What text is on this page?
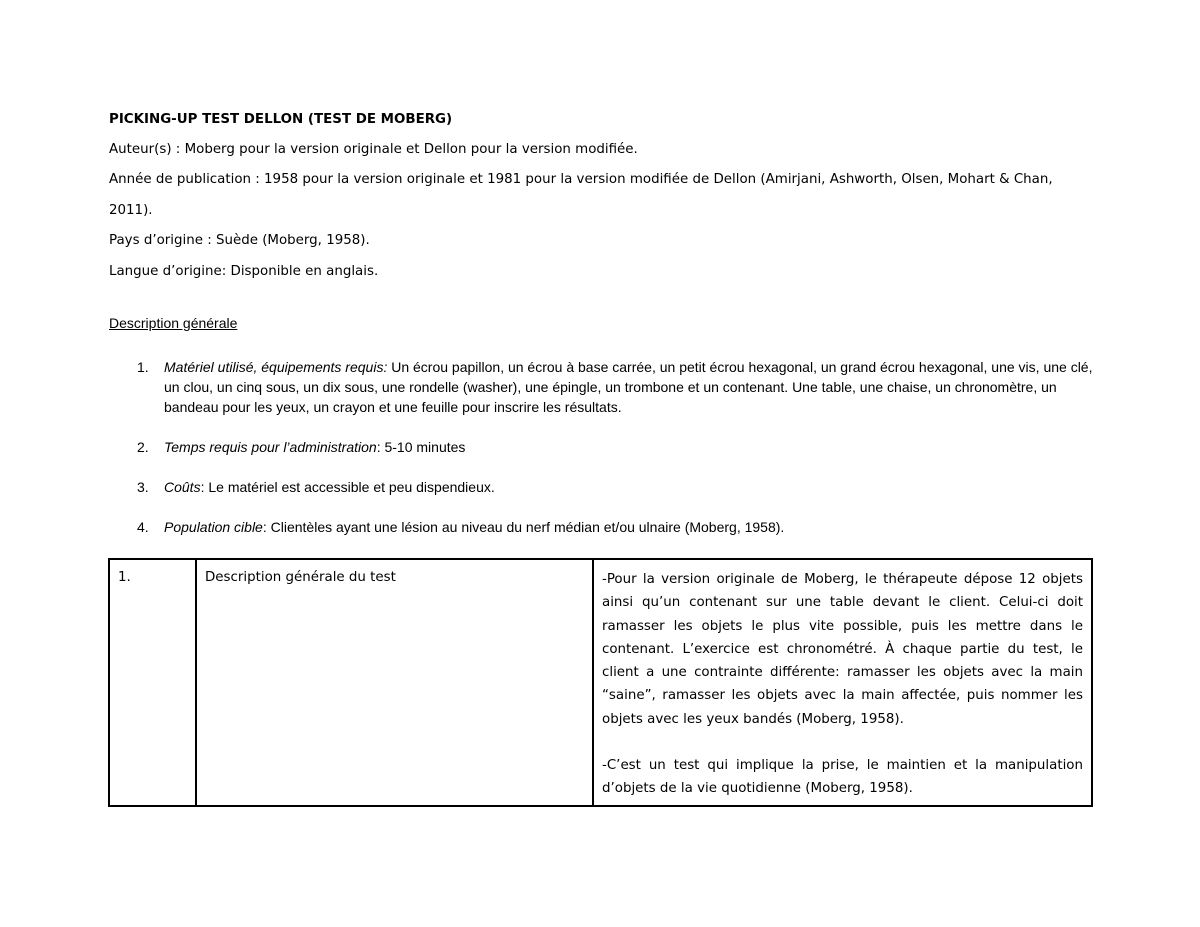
PICKING-UP TEST DELLON (TEST DE MOBERG)
Auteur(s) : Moberg pour la version originale et Dellon pour la version modifiée.
Année de publication : 1958 pour la version originale et 1981 pour la version modifiée de Dellon (Amirjani, Ashworth, Olsen, Mohart & Chan,
2011).
Pays d’origine : Suède (Moberg, 1958).
Langue d’origine: Disponible en anglais.
Description générale
1.	Matériel utilisé, équipements requis: Un écrou papillon, un écrou à base carrée, un petit écrou hexagonal, un grand écrou hexagonal, une vis, une clé, un clou, un cinq sous, un dix sous, une rondelle (washer), une épingle, un trombone et un contenant. Une table, une chaise, un chronomètre, un bandeau pour les yeux, un crayon et une feuille pour inscrire les résultats.
2.	Temps requis pour l’administration: 5-10 minutes
3.	Coûts: Le matériel est accessible et peu dispendieux.
4.	Population cible: Clientèles ayant une lésion au niveau du nerf médian et/ou ulnaire (Moberg, 1958).
1.	Description générale du test	-Pour la version originale de Moberg, le thérapeute dépose 12 objets ainsi qu’un contenant sur une table devant le client. Celui-ci doit ramasser les objets le plus vite possible, puis les mettre dans le contenant. L’exercice est chronométré. À chaque partie du test, le client a une contrainte différente: ramasser les objets avec la main “saine”, ramasser les objets avec la main affectée, puis nommer les objets avec les yeux bandés (Moberg, 1958).

-C’est un test qui implique la prise, le maintien et la manipulation d’objets de la vie quotidienne (Moberg, 1958).
